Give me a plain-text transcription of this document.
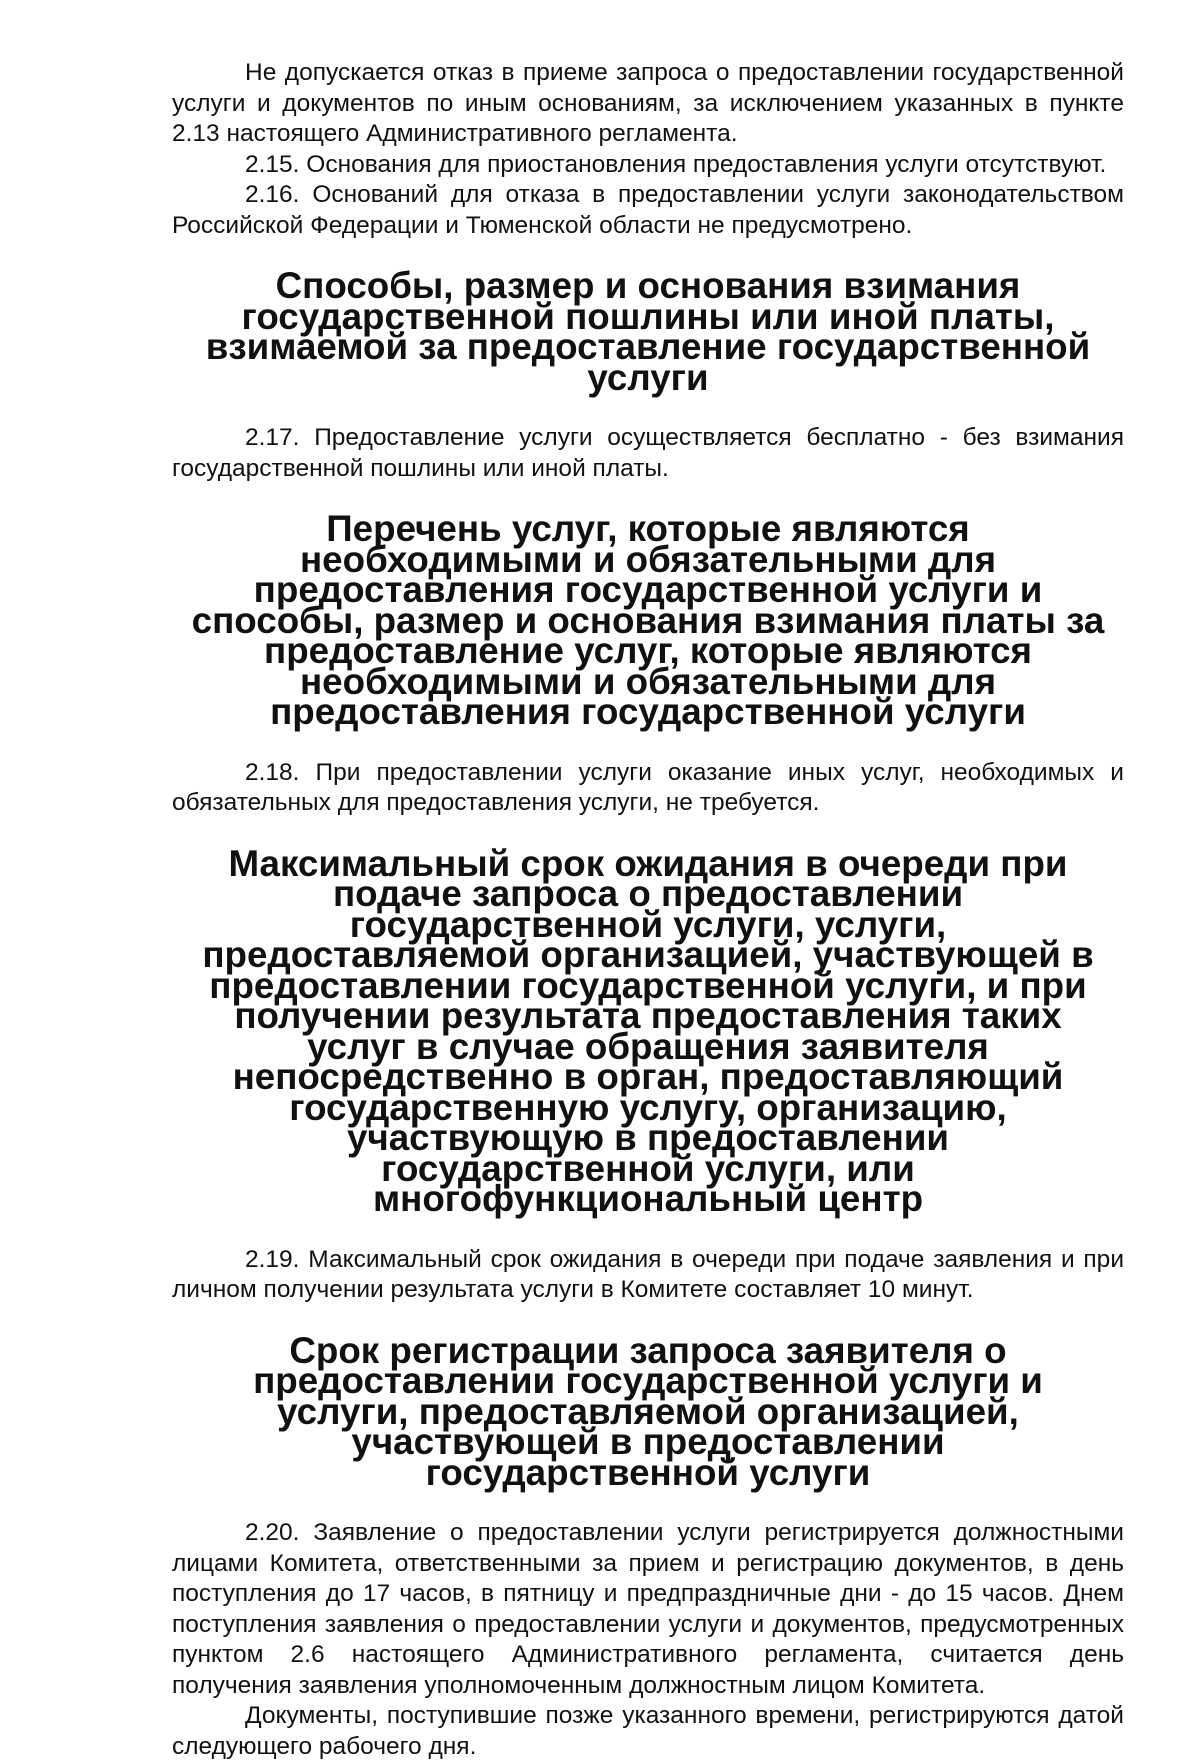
Не допускается отказ в приеме запроса о предоставлении государственной услуги и документов по иным основаниям, за исключением указанных в пункте 2.13 настоящего Административного регламента.

2.15. Основания для приостановления предоставления услуги отсутствуют.

2.16. Оснований для отказа в предоставлении услуги законодательством Российской Федерации и Тюменской области не предусмотрено.

Способы, размер и основания взимания государственной пошлины или иной платы, взимаемой за предоставление государственной услуги

2.17. Предоставление услуги осуществляется бесплатно - без взимания государственной пошлины или иной платы.

Перечень услуг, которые являются необходимыми и обязательными для предоставления государственной услуги и способы, размер и основания взимания платы за предоставление услуг, которые являются необходимыми и обязательными для предоставления государственной услуги

2.18. При предоставлении услуги оказание иных услуг, необходимых и обязательных для предоставления услуги, не требуется.

Максимальный срок ожидания в очереди при подаче запроса о предоставлении государственной услуги, услуги, предоставляемой организацией, участвующей в предоставлении государственной услуги, и при получении результата предоставления таких услуг в случае обращения заявителя непосредственно в орган, предоставляющий государственную услугу, организацию, участвующую в предоставлении государственной услуги, или многофункциональный центр

2.19. Максимальный срок ожидания в очереди при подаче заявления и при личном получении результата услуги в Комитете составляет 10 минут.

Срок регистрации запроса заявителя о предоставлении государственной услуги и услуги, предоставляемой организацией, участвующей в предоставлении государственной услуги

2.20. Заявление о предоставлении услуги регистрируется должностными лицами Комитета, ответственными за прием и регистрацию документов, в день поступления до 17 часов, в пятницу и предпраздничные дни - до 15 часов. Днем поступления заявления о предоставлении услуги и документов, предусмотренных пунктом 2.6 настоящего Административного регламента, считается день получения заявления уполномоченным должностным лицом Комитета.

Документы, поступившие позже указанного времени, регистрируются датой следующего рабочего дня.
